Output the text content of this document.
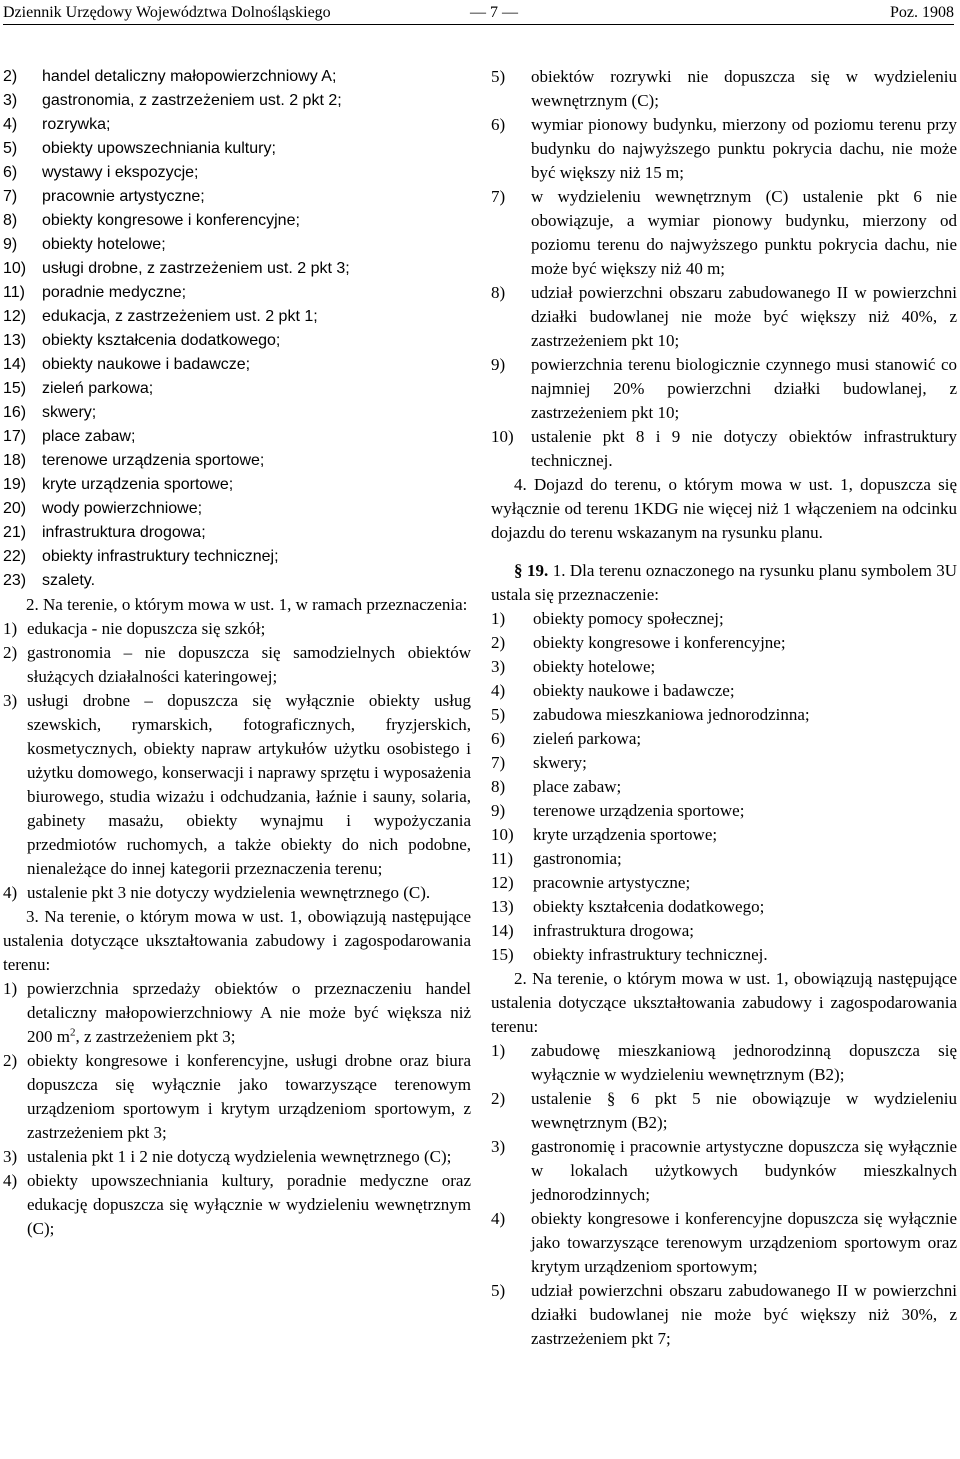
Dziennik Urzędowy Województwa Dolnośląskiego	— 7 —	Poz. 1908
2) handel detaliczny małopowierzchniowy A;
3) gastronomia, z zastrzeżeniem ust. 2 pkt 2;
4) rozrywka;
5) obiekty upowszechniania kultury;
6) wystawy i ekspozycje;
7) pracownie artystyczne;
8) obiekty kongresowe i konferencyjne;
9) obiekty hotelowe;
10) usługi drobne, z zastrzeżeniem ust. 2 pkt 3;
11) poradnie medyczne;
12) edukacja, z zastrzeżeniem ust. 2 pkt 1;
13) obiekty kształcenia dodatkowego;
14) obiekty naukowe i badawcze;
15) zieleń parkowa;
16) skwery;
17) place zabaw;
18) terenowe urządzenia sportowe;
19) kryte urządzenia sportowe;
20) wody powierzchniowe;
21) infrastruktura drogowa;
22) obiekty infrastruktury technicznej;
23) szalety.
2. Na terenie, o którym mowa w ust. 1, w ramach przeznaczenia:
1) edukacja - nie dopuszcza się szkół;
2) gastronomia – nie dopuszcza się samodzielnych obiektów służących działalności kateringowej;
3) usługi drobne – dopuszcza się wyłącznie obiekty usług szewskich, rymarskich, fotograficznych, fryzjerskich, kosmetycznych, obiekty napraw artykułów użytku osobistego i użytku domowego, konserwacji i naprawy sprzętu i wyposażenia biurowego, studia wizażu i odchudzania, łaźnie i sauny, solaria, gabinety masażu, obiekty wynajmu i wypożyczania przedmiotów ruchomych, a także obiekty do nich podobne, nienależące do innej kategorii przeznaczenia terenu;
4) ustalenie pkt 3 nie dotyczy wydzielenia wewnętrznego (C).
3. Na terenie, o którym mowa w ust. 1, obowiązują następujące ustalenia dotyczące ukształtowania zabudowy i zagospodarowania terenu:
1) powierzchnia sprzedaży obiektów o przeznaczeniu handel detaliczny małopowierzchniowy A nie może być większa niż 200 $m^2$, z zastrzeżeniem pkt 3;
2) obiekty kongresowe i konferencyjne, usługi drobne oraz biura dopuszcza się wyłącznie jako towarzyszące terenowym urządzeniom sportowym i krytym urządzeniom sportowym, z zastrzeżeniem pkt 3;
3) ustalenia pkt 1 i 2 nie dotyczą wydzielenia wewnętrznego (C);
4) obiekty upowszechniania kultury, poradnie medyczne oraz edukację dopuszcza się wyłącznie w wydzieleniu wewnętrznym (C);
5) obiektów rozrywki nie dopuszcza się w wydzieleniu wewnętrznym (C);
6) wymiar pionowy budynku, mierzony od poziomu terenu przy budynku do najwyższego punktu pokrycia dachu, nie może być większy niż 15 m;
7) w wydzieleniu wewnętrznym (C) ustalenie pkt 6 nie obowiązuje, a wymiar pionowy budynku, mierzony od poziomu terenu do najwyższego punktu pokrycia dachu, nie może być większy niż 40 m;
8) udział powierzchni obszaru zabudowanego II w powierzchni działki budowlanej nie może być większy niż 40%, z zastrzeżeniem pkt 10;
9) powierzchnia terenu biologicznie czynnego musi stanowić co najmniej 20% powierzchni działki budowlanej, z zastrzeżeniem pkt 10;
10) ustalenie pkt 8 i 9 nie dotyczy obiektów infrastruktury technicznej.
4. Dojazd do terenu, o którym mowa w ust. 1, dopuszcza się wyłącznie od terenu 1KDG nie więcej niż 1 włączeniem na odcinku dojazdu do terenu wskazanym na rysunku planu.
§ 19. 1. Dla terenu oznaczonego na rysunku planu symbolem 3U ustala się przeznaczenie:
1) obiekty pomocy społecznej;
2) obiekty kongresowe i konferencyjne;
3) obiekty hotelowe;
4) obiekty naukowe i badawcze;
5) zabudowa mieszkaniowa jednorodzinna;
6) zieleń parkowa;
7) skwery;
8) place zabaw;
9) terenowe urządzenia sportowe;
10) kryte urządzenia sportowe;
11) gastronomia;
12) pracownie artystyczne;
13) obiekty kształcenia dodatkowego;
14) infrastruktura drogowa;
15) obiekty infrastruktury technicznej.
2. Na terenie, o którym mowa w ust. 1, obowiązują następujące ustalenia dotyczące ukształtowania zabudowy i zagospodarowania terenu:
1) zabudowę mieszkaniową jednorodzinną dopuszcza się wyłącznie w wydzieleniu wewnętrznym (B2);
2) ustalenie § 6 pkt 5 nie obowiązuje w wydzieleniu wewnętrznym (B2);
3) gastronomię i pracownie artystyczne dopuszcza się wyłącznie w lokalach użytkowych budynków mieszkalnych jednorodzinnych;
4) obiekty kongresowe i konferencyjne dopuszcza się wyłącznie jako towarzyszące terenowym urządzeniom sportowym oraz krytym urządzeniom sportowym;
5) udział powierzchni obszaru zabudowanego II w powierzchni działki budowlanej nie może być większy niż 30%, z zastrzeżeniem pkt 7;
